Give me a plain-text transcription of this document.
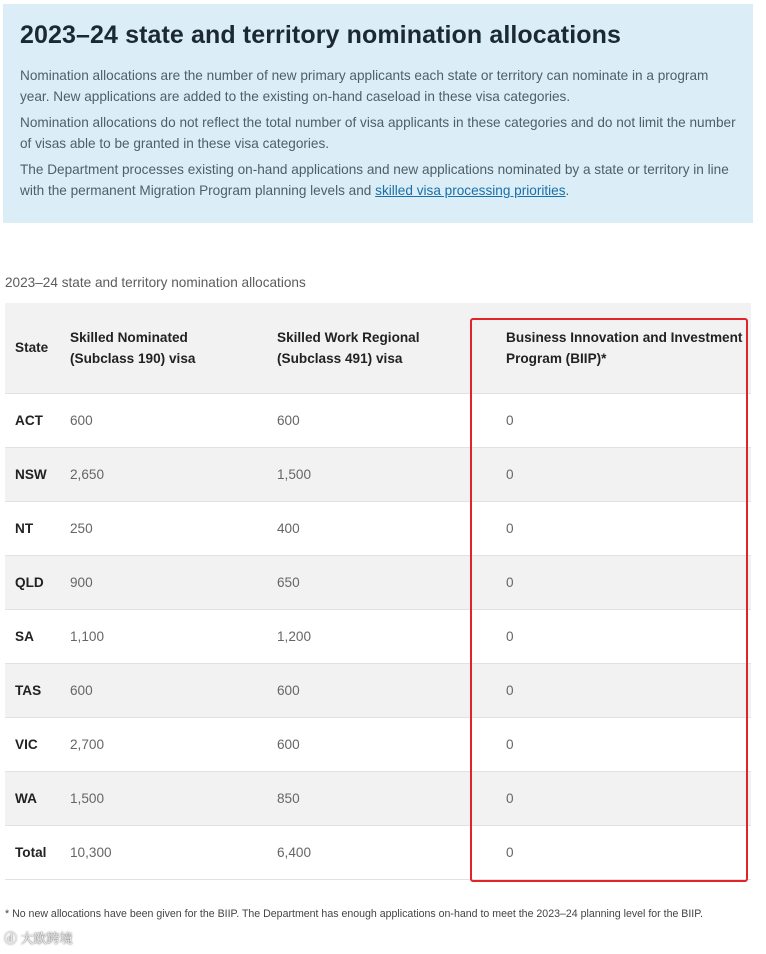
2023–24 state and territory nomination allocations

Nomination allocations are the number of new primary applicants each state or territory can nominate in a program year. New applications are added to the existing on-hand caseload in these visa categories.

Nomination allocations do not reflect the total number of visa applicants in these categories and do not limit the number of visas able to be granted in these visa categories.

The Department processes existing on-hand applications and new applications nominated by a state or territory in line with the permanent Migration Program planning levels and skilled visa processing priorities.

2023–24 state and territory nomination allocations
State	Skilled Nominated (Subclass 190) visa	Skilled Work Regional (Subclass 491) visa	Business Innovation and Investment Program (BIIP)*

ACT	600	600	0
NSW	2,650	1,500	0
NT	250	400	0
QLD	900	650	0
SA	1,100	1,200	0
TAS	600	600	0
VIC	2,700	600	0
WA	1,500	850	0
Total	10,300	6,400	0
* No new allocations have been given for the BIIP. The Department has enough applications on-hand to meet the 2023–24 planning level for the BIIP.
ⓓ 大欧跨境
